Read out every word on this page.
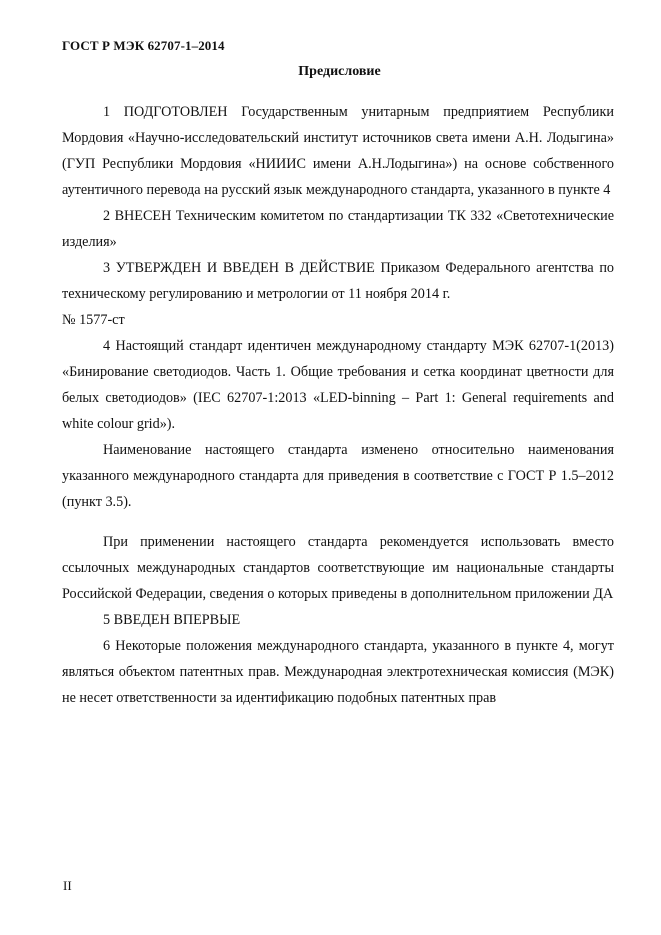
ГОСТ Р МЭК 62707-1–2014
Предисловие

1 ПОДГОТОВЛЕН Государственным унитарным предприятием Республики Мордовия «Научно-исследовательский институт источников света имени А.Н. Лодыгина» (ГУП Республики Мордовия «НИИИС имени А.Н.Лодыгина») на основе собственного аутентичного перевода на русский язык международного стандарта, указанного в пункте 4

2 ВНЕСЕН Техническим комитетом по стандартизации ТК 332 «Светотехнические изделия»

3 УТВЕРЖДЕН И ВВЕДЕН В ДЕЙСТВИЕ Приказом Федерального агентства по техническому регулированию и метрологии от 11 ноября 2014 г.

№ 1577-ст

4 Настоящий стандарт идентичен международному стандарту МЭК 62707-1(2013) «Бинирование светодиодов. Часть 1. Общие требования и сетка координат цветности для белых светодиодов» (IEC 62707-1:2013 «LED-binning – Part 1: General requirements and white colour grid»).

Наименование настоящего стандарта изменено относительно наименования указанного международного стандарта для приведения в соответствие с ГОСТ Р 1.5–2012 (пункт 3.5).

При применении настоящего стандарта рекомендуется использовать вместо ссылочных международных стандартов соответствующие им национальные стандарты Российской Федерации, сведения о которых приведены в дополнительном приложении ДА

5 ВВЕДЕН ВПЕРВЫЕ

6 Некоторые положения международного стандарта, указанного в пункте 4, могут являться объектом патентных прав. Международная электротехническая комиссия (МЭК) не несет ответственности за идентификацию подобных патентных прав

II
